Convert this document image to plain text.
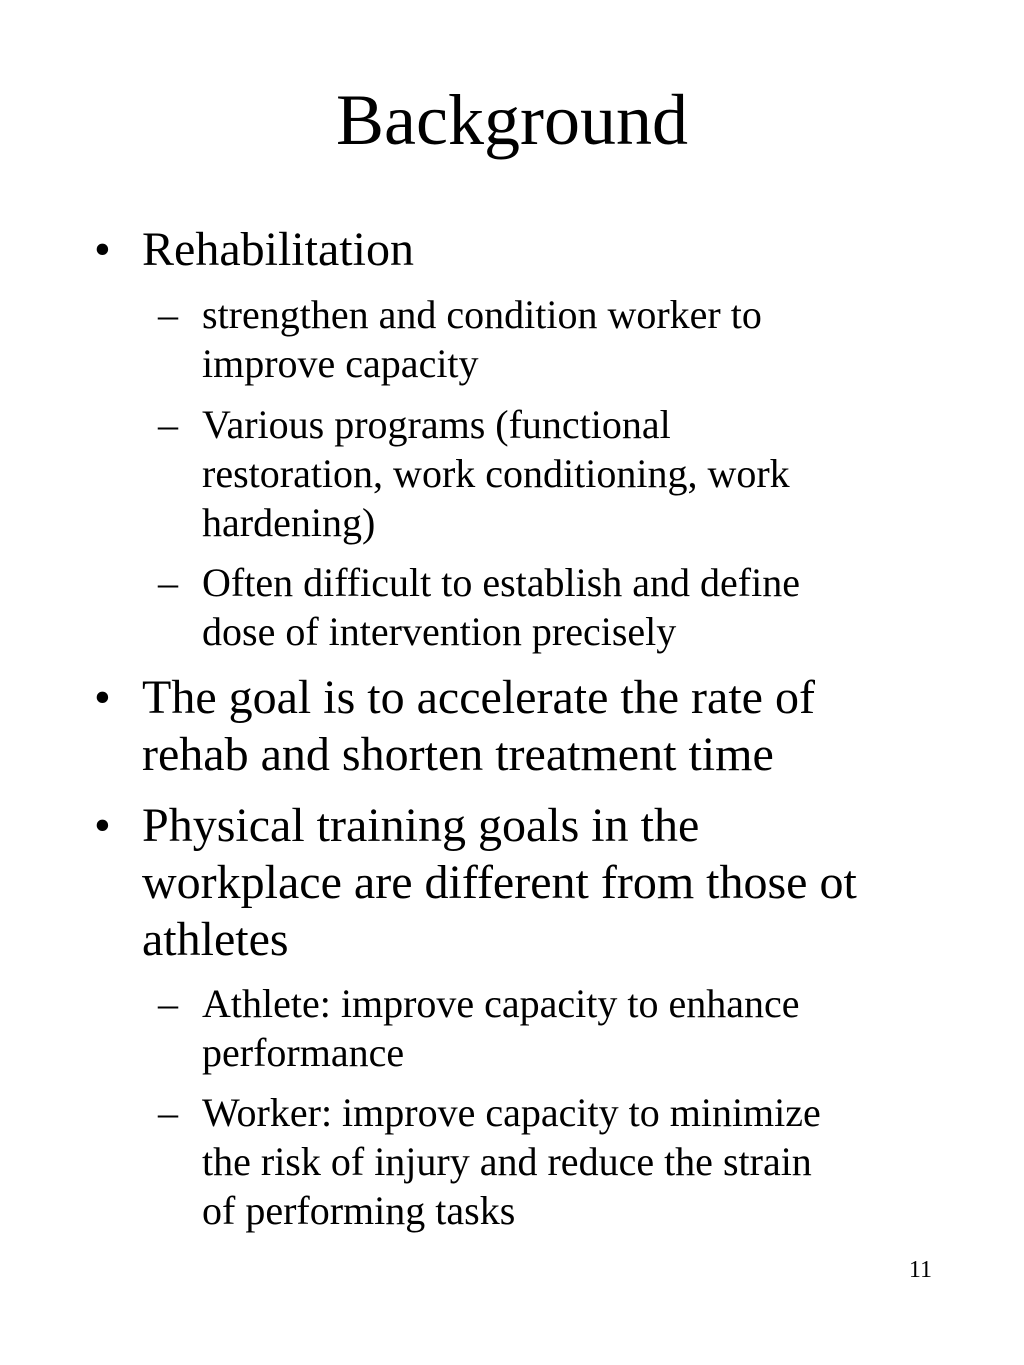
Background
• Rehabilitation
– strengthen and condition worker to
improve capacity
– Various programs (functional
restoration, work conditioning, work
hardening)
– Often difficult to establish and define
dose of intervention precisely
• The goal is to accelerate the rate of
rehab and shorten treatment time
• Physical training goals in the
workplace are different from those ot
athletes
– Athlete: improve capacity to enhance
performance
– Worker: improve capacity to minimize
the risk of injury and reduce the strain
of performing tasks
11
